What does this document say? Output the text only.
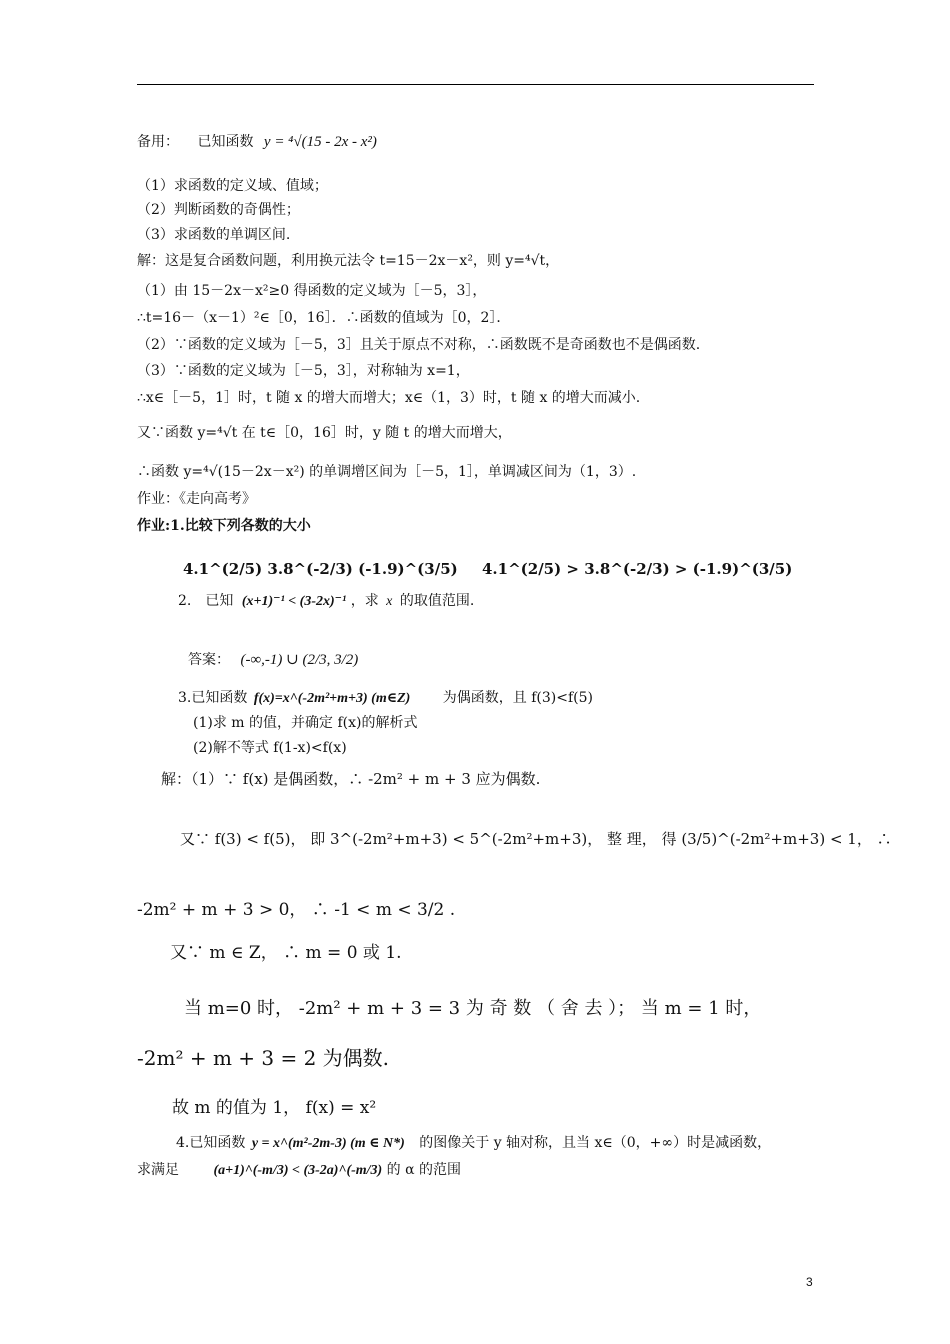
备用： 已知函数 y = ⁴√(15 - 2x - x²)
（1）求函数的定义域、值域；
（2）判断函数的奇偶性；
（3）求函数的单调区间.
解：这是复合函数问题，利用换元法令 t=15－2x－x²，则 y=⁴√t，
（1）由 15－2x－x²≥0 得函数的定义域为［－5，3］，
∴t=16－（x－1）²∈［0，16］．∴函数的值域为［0，2］．
（2）∵函数的定义域为［－5，3］且关于原点不对称，∴函数既不是奇函数也不是偶函数.
（3）∵函数的定义域为［－5，3］，对称轴为 x=1，
∴x∈［－5，1］时，t 随 x 的增大而增大；x∈（1，3）时，t 随 x 的增大而减小.
又∵函数 y=⁴√t 在 t∈［0，16］时，y 随 t 的增大而增大，
∴函数 y=⁴√(15－2x－x²) 的单调增区间为［－5，1］，单调减区间为（1，3）.
作业：《走向高考》
作业:1.比较下列各数的大小
4.1^(2/5) 3.8^(-2/3) (-1.9)^(3/5) 4.1^(2/5) > 3.8^(-2/3) > (-1.9)^(3/5)
2.　已知 (x+1)⁻¹ < (3-2x)⁻¹ ，求 x 的取值范围.
答案： (-∞,-1) ∪ (2/3, 3/2)
3.已知函数 f(x)=x^(-2m²+m+3) (m∈Z) 为偶函数，且 f(3)<f(5)
(1)求 m 的值，并确定 f(x)的解析式
(2)解不等式 f(1-x)<f(x)
解：（1）∵ f(x) 是偶函数，∴ -2m² + m + 3 应为偶数.
又∵ f(3) < f(5)， 即 3^(-2m²+m+3) < 5^(-2m²+m+3)， 整 理， 得 (3/5)^(-2m²+m+3) < 1， ∴
-2m² + m + 3 > 0， ∴ -1 < m < 3/2 .
又∵ m ∈ Z， ∴ m = 0 或 1.
当 m=0 时， -2m² + m + 3 = 3 为 奇 数 （ 舍 去 ）； 当 m = 1 时，
-2m² + m + 3 = 2 为偶数.
故 m 的值为 1， f(x) = x²
4.已知函数 y = x^(m²-2m-3) (m ∈ N*) 的图像关于 y 轴对称，且当 x∈（0，+∞）时是减函数，
求满足 (a+1)^(-m/3) < (3-2a)^(-m/3) 的 α 的范围
3
